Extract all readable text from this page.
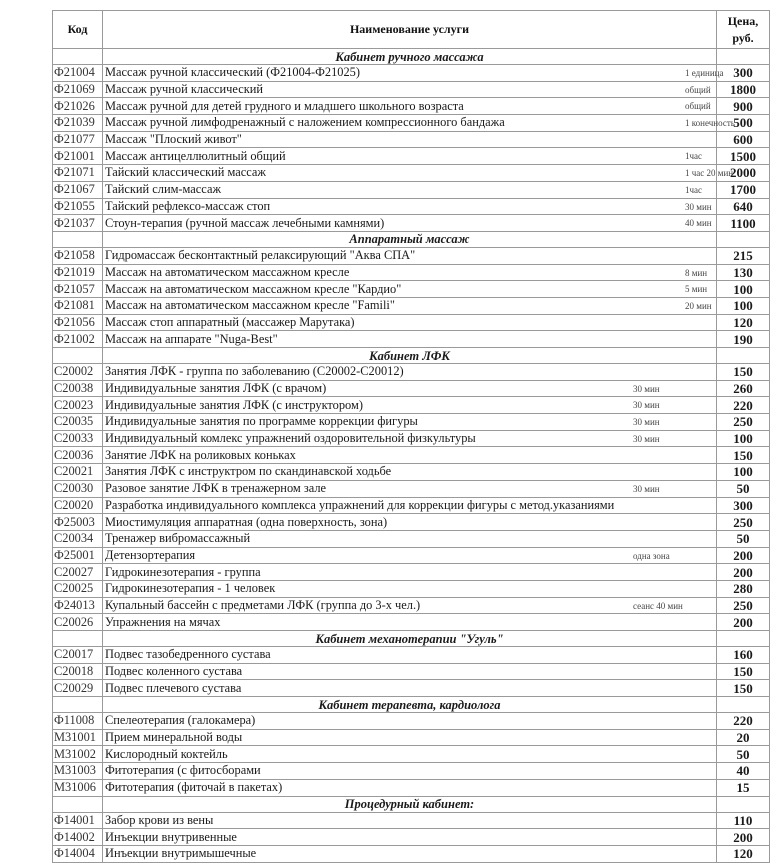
Код	Наименование услуги	Цена,
руб.
	Кабинет ручного массажа	
Ф21004	Массаж ручной классический (Ф21004-Ф21025) 1 единица	300
Ф21069	Массаж ручной классический общий	1800
Ф21026	Массаж ручной для детей грудного и младшего школьного возраста общий	900
Ф21039	Массаж ручной лимфодренажный с наложением компрессионного бандажа 1 конечность	500
Ф21077	Массаж "Плоский живот"	600
Ф21001	Массаж антицеллюлитный общий 1час	1500
Ф21071	Тайский классический массаж 1 час 20 мин	2000
Ф21067	Тайский слим-массаж 1час	1700
Ф21055	Тайский рефлексо-массаж стоп 30 мин	640
Ф21037	Стоун-терапия (ручной массаж лечебными камнями) 40 мин	1100
	Аппаратный массаж	
Ф21058	Гидромассаж бесконтактный релаксирующий "Аква СПА"	215
Ф21019	Массаж на автоматическом массажном кресле 8 мин	130
Ф21057	Массаж на автоматическом массажном кресле "Кардио" 5 мин	100
Ф21081	Массаж на автоматическом массажном кресле "Famili" 20 мин	100
Ф21056	Массаж стоп аппаратный (массажер Марутака)	120
Ф21002	Массаж на аппарате "Nuga-Best"	190
	Кабинет ЛФК	
С20002	Занятия ЛФК - группа по заболеванию (С20002-С20012)	150
С20038	Индивидуальные занятия ЛФК (с врачом) 30 мин	260
С20023	Индивидуальные занятия ЛФК (с инструктором) 30 мин	220
С20035	Индивидуальные занятия по программе коррекции фигуры 30 мин	250
С20033	Индивидуальный комлекс упражнений оздоровительной физкультуры 30 мин	100
С20036	Занятие ЛФК на роликовых коньках	150
С20021	Занятия ЛФК с инструктром по скандинавской ходьбе	100
С20030	Разовое занятие ЛФК в тренажерном зале 30 мин	50
С20020	Разработка индивидуального комплекса упражнений для коррекции фигуры с метод.указаниями	300
Ф25003	Миостимуляция аппаратная (одна поверхность, зона)	250
С20034	Тренажер вибромассажный	50
Ф25001	Детензортерапия одна зона	200
С20027	Гидрокинезотерапия - группа	200
С20025	Гидрокинезотерапия - 1 человек	280
Ф24013	Купальный бассейн с предметами ЛФК (группа до 3-х чел.) сеанс 40 мин	250
С20026	Упражнения на мячах	200
	Кабинет механотерапии "Угуль"	
С20017	Подвес тазобедренного сустава	160
С20018	Подвес коленного сустава	150
С20029	Подвес плечевого сустава	150
	Кабинет терапевта, кардиолога	
Ф11008	Спелеотерапия (галокамера)	220
М31001	Прием минеральной воды	20
М31002	Кислородный коктейль	50
М31003	Фитотерапия (с фитосборами	40
М31006	Фитотерапия (фиточай в пакетах)	15
	Процедурный кабинет:	
Ф14001	Забор крови из вены	110
Ф14002	Инъекции внутривенные	200
Ф14004	Инъекции внутримышечные	120
